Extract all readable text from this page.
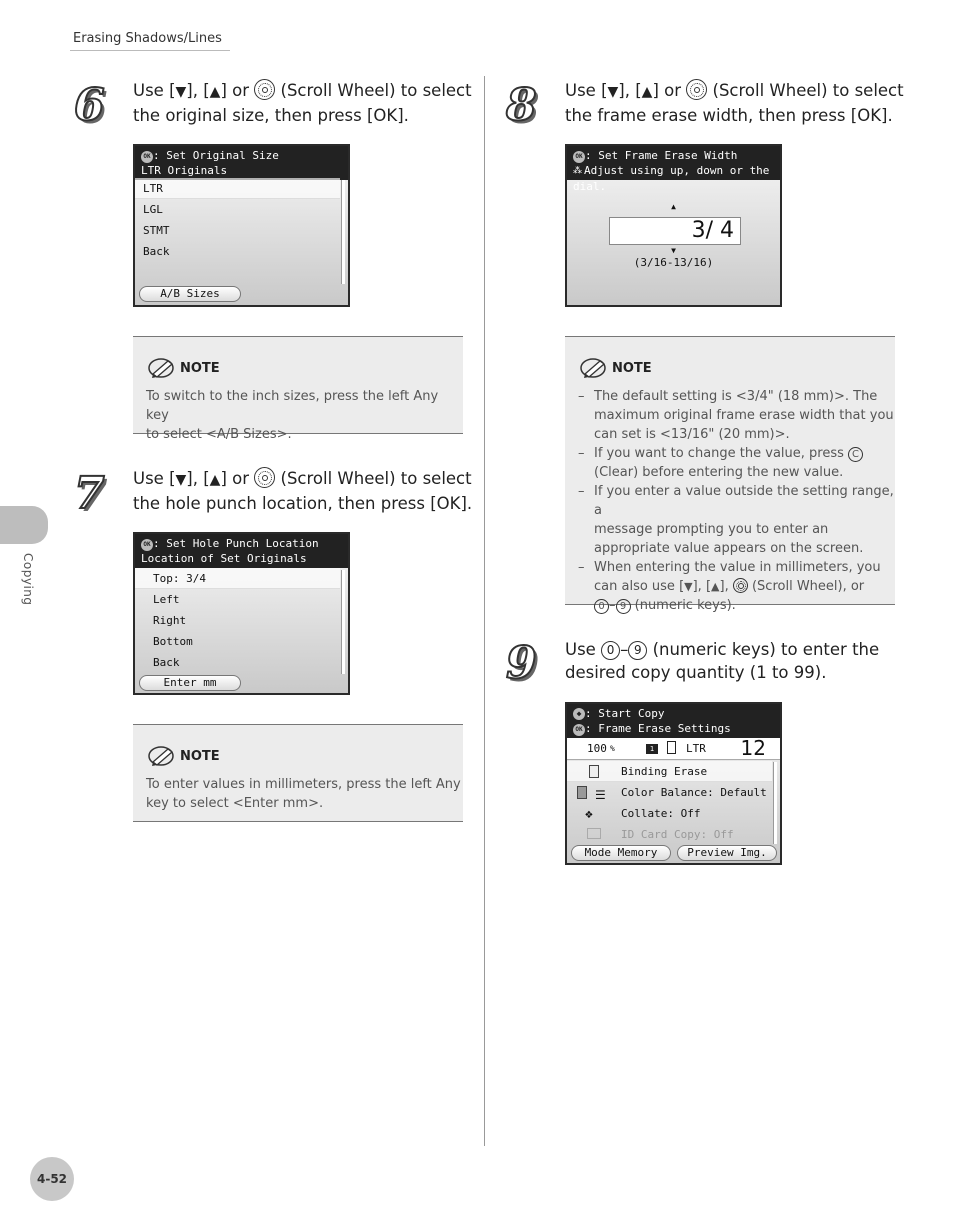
Erasing Shadows/Lines
Copying
4-52
6 Use [▼], [▲] or  (Scroll Wheel) to select
the original size, then press [OK].
OK : Set Original Size
LTR Originals
LTR
LGL
STMT
Back
A/B Sizes
NOTE
To switch to the inch sizes, press the left Any key
to select <A/B Sizes>.
7 Use [▼], [▲] or  (Scroll Wheel) to select
the hole punch location, then press [OK].
OK : Set Hole Punch Location
Location of Set Originals
Top: 3/4
Left
Right
Bottom
Back
Enter mm
NOTE
To enter values in millimeters, press the left Any
key to select <Enter mm>.
8 Use [▼], [▲] or  (Scroll Wheel) to select
the frame erase width, then press [OK].
OK : Set Frame Erase Width
⁂ Adjust using up, down or the dial.
▲
3/ 4
▼
(3/16-13/16)
NOTE
– The default setting is <3/4" (18 mm)>. The
maximum original frame erase width that you
can set is <13/16" (20 mm)>.
– If you want to change the value, press C
(Clear) before entering the new value.
– If you enter a value outside the setting range, a
message prompting you to enter an
appropriate value appears on the screen.
– When entering the value in millimeters, you
can also use [▼], [▲],  (Scroll Wheel), or
0 – 9 (numeric keys).
9 Use 0 – 9 (numeric keys) to enter the
desired copy quantity (1 to 99).
◆ : Start Copy
OK : Frame Erase Settings
100 %	1	LTR 12
Binding Erase
☰ Color Balance: Default
❖	Collate: Off
ID Card Copy: Off
Mode Memory	Preview Img.
